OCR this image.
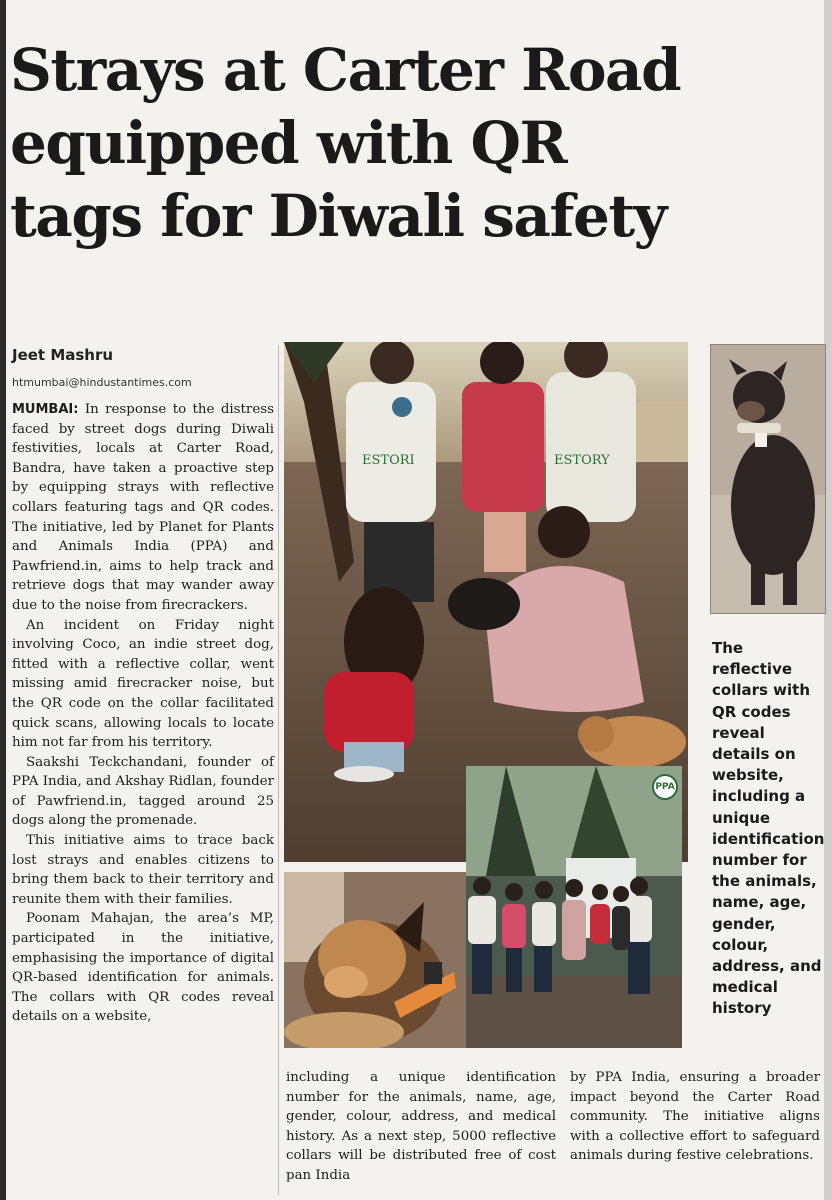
Strays at Carter Road
equipped with QR
tags for Diwali safety
Jeet Mashru
htmumbai@hindustantimes.com

MUMBAI: In response to the distress faced by street dogs during Diwali festivities, locals at Carter Road, Bandra, have taken a proactive step by equipping strays with reflective collars featuring tags and QR codes. The initiative, led by Planet for Plants and Animals India (PPA) and Pawfriend.in, aims to help track and retrieve dogs that may wander away due to the noise from firecrackers.

An incident on Friday night involving Coco, an indie street dog, fitted with a reflective collar, went missing amid firecracker noise, but the QR code on the collar facilitated quick scans, allowing locals to locate him not far from his territory.

Saakshi Teckchandani, founder of PPA India, and Akshay Ridlan, founder of Pawfriend.in, tagged around 25 dogs along the promenade.

This initiative aims to trace back lost strays and enables citizens to bring them back to their territory and reunite them with their families.

Poonam Mahajan, the area’s MP, participated in the initiative, emphasising the importance of digital QR-based identification for animals. The collars with QR codes reveal details on a website,

ESTORI	ESTORY
The reflective collars with QR codes reveal details on website, including a unique identification number for the animals, name, age, gender, colour, address, and medical history
PPA

including a unique identification number for the animals, name, age, gender, colour, address, and medical history. As a next step, 5000 reflective collars will be distributed free of cost pan India

by PPA India, ensuring a broader impact beyond the Carter Road community. The initiative aligns with a collective effort to safeguard animals during festive celebrations.
